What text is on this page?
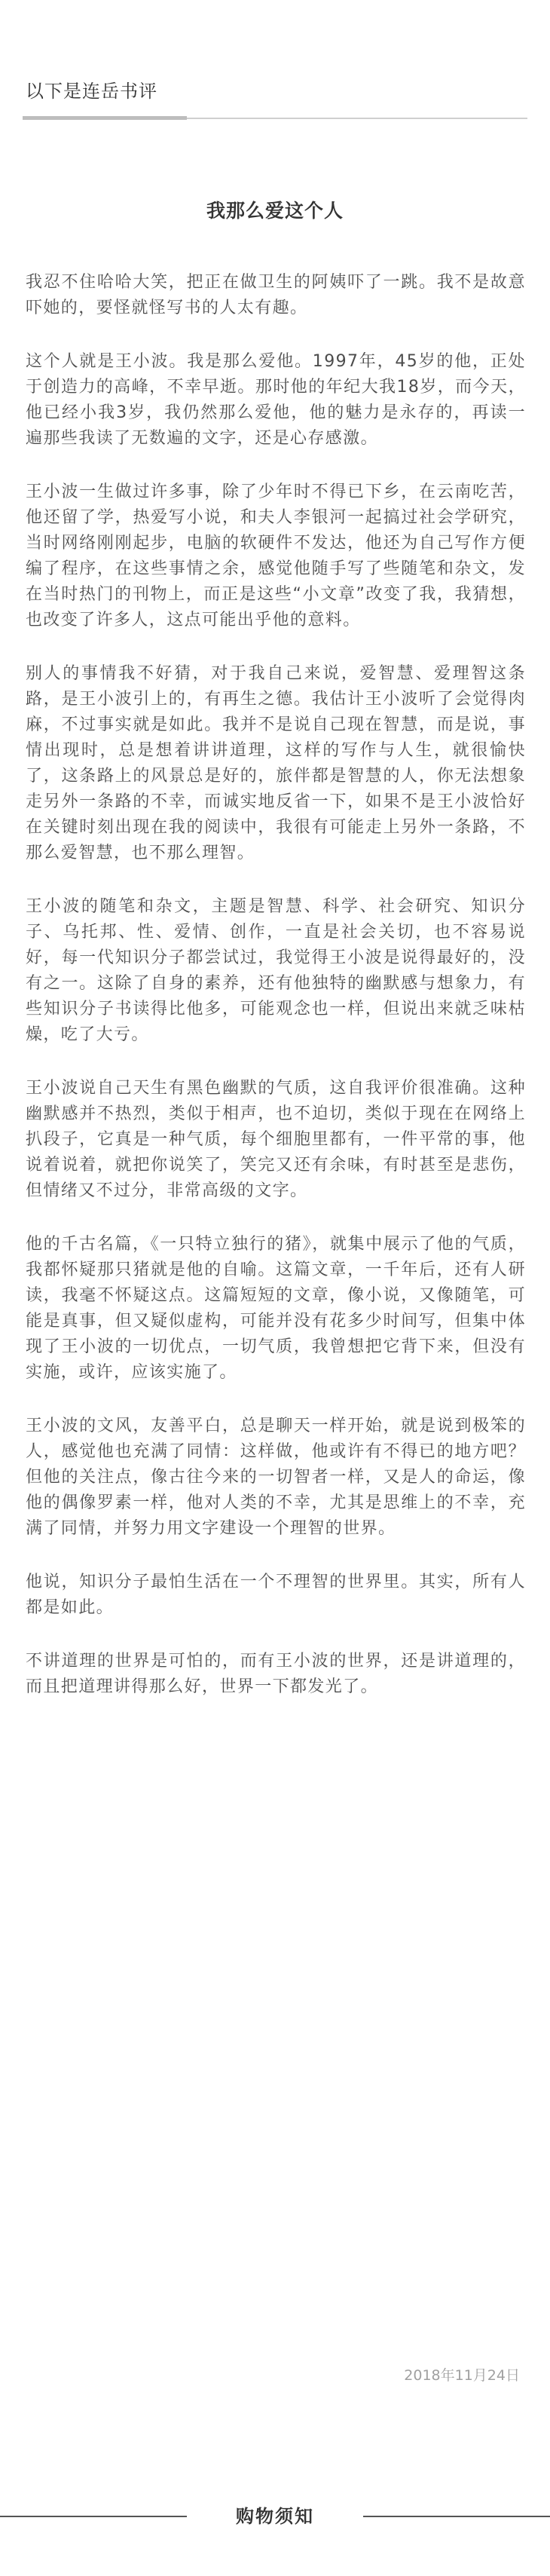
以下是连岳书评
我那么爱这个人

我忍不住哈哈大笑，把正在做卫生的阿姨吓了一跳。我不是故意吓她的，要怪就怪写书的人太有趣。

这个人就是王小波。我是那么爱他。1997年，45岁的他，正处于创造力的高峰，不幸早逝。那时他的年纪大我18岁，而今天，他已经小我3岁，我仍然那么爱他，他的魅力是永存的，再读一遍那些我读了无数遍的文字，还是心存感激。

王小波一生做过许多事，除了少年时不得已下乡，在云南吃苦，他还留了学，热爱写小说，和夫人李银河一起搞过社会学研究，当时网络刚刚起步，电脑的软硬件不发达，他还为自己写作方便编了程序，在这些事情之余，感觉他随手写了些随笔和杂文，发在当时热门的刊物上，而正是这些“小文章”改变了我，我猜想，也改变了许多人，这点可能出乎他的意料。

别人的事情我不好猜，对于我自己来说，爱智慧、爱理智这条路，是王小波引上的，有再生之德。我估计王小波听了会觉得肉麻，不过事实就是如此。我并不是说自己现在智慧，而是说，事情出现时，总是想着讲讲道理，这样的写作与人生，就很愉快了，这条路上的风景总是好的，旅伴都是智慧的人，你无法想象走另外一条路的不幸，而诚实地反省一下，如果不是王小波恰好在关键时刻出现在我的阅读中，我很有可能走上另外一条路，不那么爱智慧，也不那么理智。

王小波的随笔和杂文，主题是智慧、科学、社会研究、知识分子、乌托邦、性、爱情、创作，一直是社会关切，也不容易说好，每一代知识分子都尝试过，我觉得王小波是说得最好的，没有之一。这除了自身的素养，还有他独特的幽默感与想象力，有些知识分子书读得比他多，可能观念也一样，但说出来就乏味枯燥，吃了大亏。

王小波说自己天生有黑色幽默的气质，这自我评价很准确。这种幽默感并不热烈，类似于相声，也不迫切，类似于现在在网络上扒段子，它真是一种气质，每个细胞里都有，一件平常的事，他说着说着，就把你说笑了，笑完又还有余味，有时甚至是悲伤，但情绪又不过分，非常高级的文字。

他的千古名篇，《一只特立独行的猪》，就集中展示了他的气质，我都怀疑那只猪就是他的自喻。这篇文章，一千年后，还有人研读，我毫不怀疑这点。这篇短短的文章，像小说，又像随笔，可能是真事，但又疑似虚构，可能并没有花多少时间写，但集中体现了王小波的一切优点，一切气质，我曾想把它背下来，但没有实施，或许，应该实施了。

王小波的文风，友善平白，总是聊天一样开始，就是说到极笨的人，感觉他也充满了同情：这样做，他或许有不得已的地方吧？但他的关注点，像古往今来的一切智者一样，又是人的命运，像他的偶像罗素一样，他对人类的不幸，尤其是思维上的不幸，充满了同情，并努力用文字建设一个理智的世界。

他说，知识分子最怕生活在一个不理智的世界里。其实，所有人都是如此。

不讲道理的世界是可怕的，而有王小波的世界，还是讲道理的，而且把道理讲得那么好，世界一下都发光了。

2018年11月24日
购物须知
